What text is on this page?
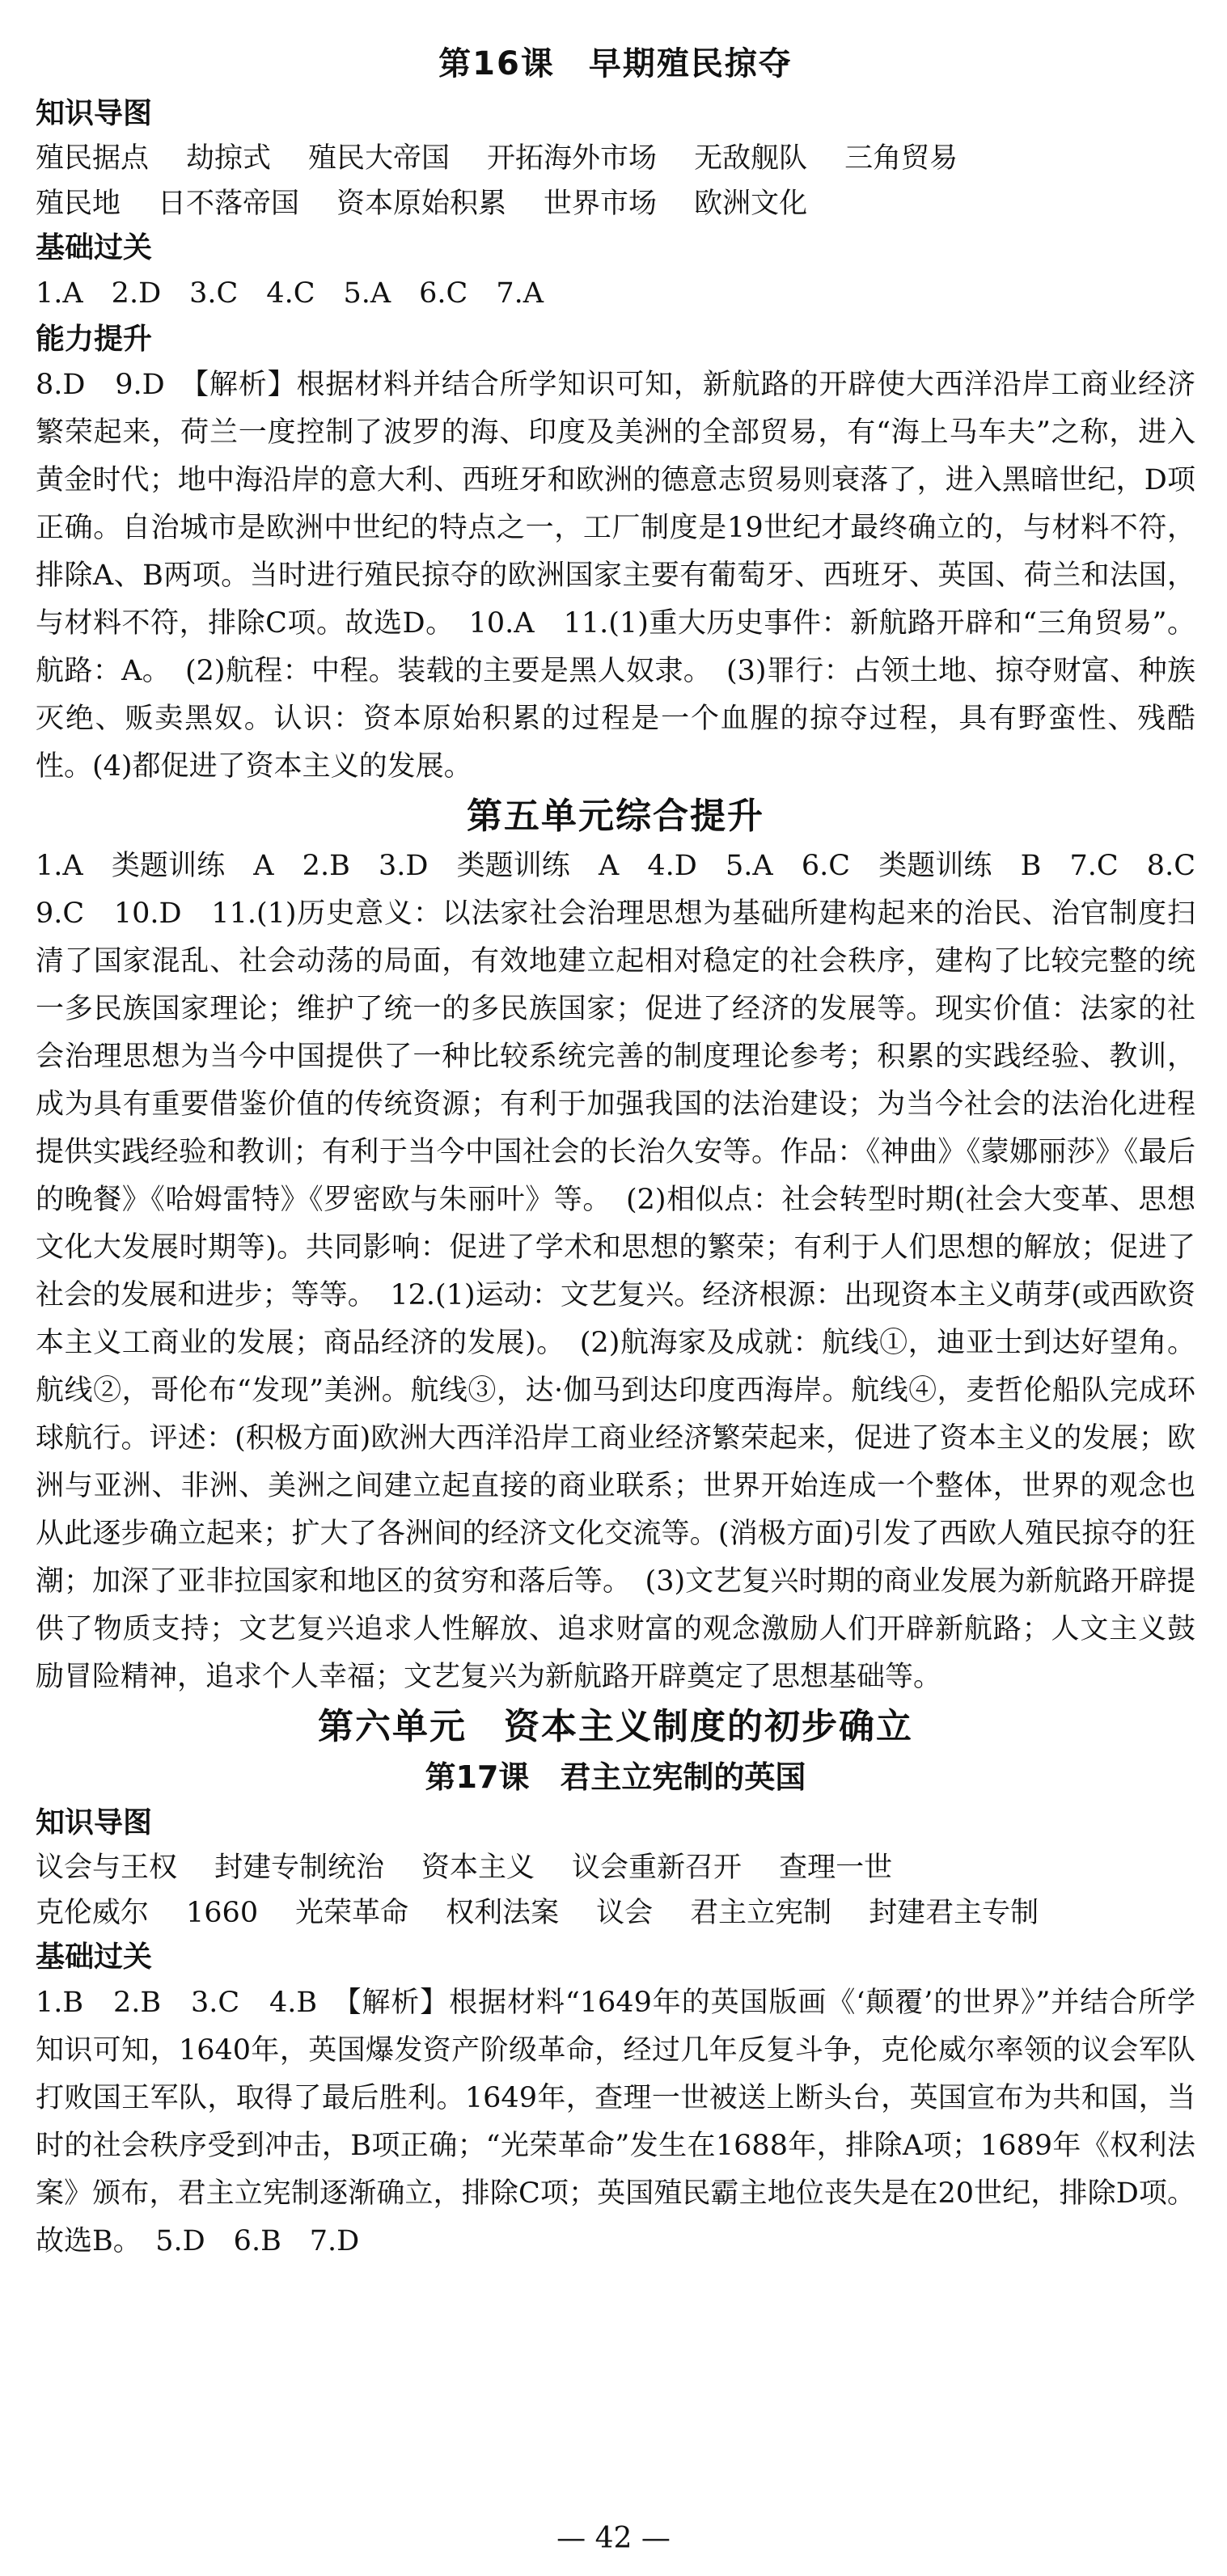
第16课　早期殖民掠夺
知识导图

殖民据点 劫掠式 殖民大帝国 开拓海外市场 无敌舰队 三角贸易
殖民地 日不落帝国 资本原始积累 世界市场 欧洲文化

基础过关

1.A　2.D　3.C　4.C　5.A　6.C　7.A

能力提升

8.D　9.D　【解析】根据材料并结合所学知识可知，新航路的开辟使大西洋沿岸工商业经济繁荣起来，荷兰一度控制了波罗的海、印度及美洲的全部贸易，有“海上马车夫”之称，进入黄金时代；地中海沿岸的意大利、西班牙和欧洲的德意志贸易则衰落了，进入黑暗世纪，D项正确。自治城市是欧洲中世纪的特点之一，工厂制度是19世纪才最终确立的，与材料不符，排除A、B两项。当时进行殖民掠夺的欧洲国家主要有葡萄牙、西班牙、英国、荷兰和法国，与材料不符，排除C项。故选D。　10.A　11.(1)重大历史事件：新航路开辟和“三角贸易”。航路：A。　(2)航程：中程。装载的主要是黑人奴隶。　(3)罪行：占领土地、掠夺财富、种族灭绝、贩卖黑奴。认识：资本原始积累的过程是一个血腥的掠夺过程，具有野蛮性、残酷性。(4)都促进了资本主义的发展。

第五单元综合提升

1.A　类题训练　A　2.B　3.D　类题训练　A　4.D　5.A　6.C　类题训练　B　7.C　8.C　9.C　10.D　11.(1)历史意义：以法家社会治理思想为基础所建构起来的治民、治官制度扫清了国家混乱、社会动荡的局面，有效地建立起相对稳定的社会秩序，建构了比较完整的统一多民族国家理论；维护了统一的多民族国家；促进了经济的发展等。现实价值：法家的社会治理思想为当今中国提供了一种比较系统完善的制度理论参考；积累的实践经验、教训，成为具有重要借鉴价值的传统资源；有利于加强我国的法治建设；为当今社会的法治化进程提供实践经验和教训；有利于当今中国社会的长治久安等。作品：《神曲》《蒙娜丽莎》《最后的晚餐》《哈姆雷特》《罗密欧与朱丽叶》等。　(2)相似点：社会转型时期(社会大变革、思想文化大发展时期等)。共同影响：促进了学术和思想的繁荣；有利于人们思想的解放；促进了社会的发展和进步；等等。　12.(1)运动：文艺复兴。经济根源：出现资本主义萌芽(或西欧资本主义工商业的发展；商品经济的发展)。　(2)航海家及成就：航线①，迪亚士到达好望角。航线②，哥伦布“发现”美洲。航线③，达·伽马到达印度西海岸。航线④，麦哲伦船队完成环球航行。评述：(积极方面)欧洲大西洋沿岸工商业经济繁荣起来，促进了资本主义的发展；欧洲与亚洲、非洲、美洲之间建立起直接的商业联系；世界开始连成一个整体，世界的观念也从此逐步确立起来；扩大了各洲间的经济文化交流等。(消极方面)引发了西欧人殖民掠夺的狂潮；加深了亚非拉国家和地区的贫穷和落后等。　(3)文艺复兴时期的商业发展为新航路开辟提供了物质支持；文艺复兴追求人性解放、追求财富的观念激励人们开辟新航路；人文主义鼓励冒险精神，追求个人幸福；文艺复兴为新航路开辟奠定了思想基础等。

第六单元　资本主义制度的初步确立
第17课　君主立宪制的英国
知识导图

议会与王权 封建专制统治 资本主义 议会重新召开 查理一世
克伦威尔 1660 光荣革命 权利法案 议会 君主立宪制 封建君主专制

基础过关

1.B　2.B　3.C　4.B　【解析】根据材料“1649年的英国版画《‘颠覆’的世界》”并结合所学知识可知，1640年，英国爆发资产阶级革命，经过几年反复斗争，克伦威尔率领的议会军队打败国王军队，取得了最后胜利。1649年，查理一世被送上断头台，英国宣布为共和国，当时的社会秩序受到冲击，B项正确；“光荣革命”发生在1688年，排除A项；1689年《权利法案》颁布，君主立宪制逐渐确立，排除C项；英国殖民霸主地位丧失是在20世纪，排除D项。故选B。　5.D　6.B　7.D

— 42 —
